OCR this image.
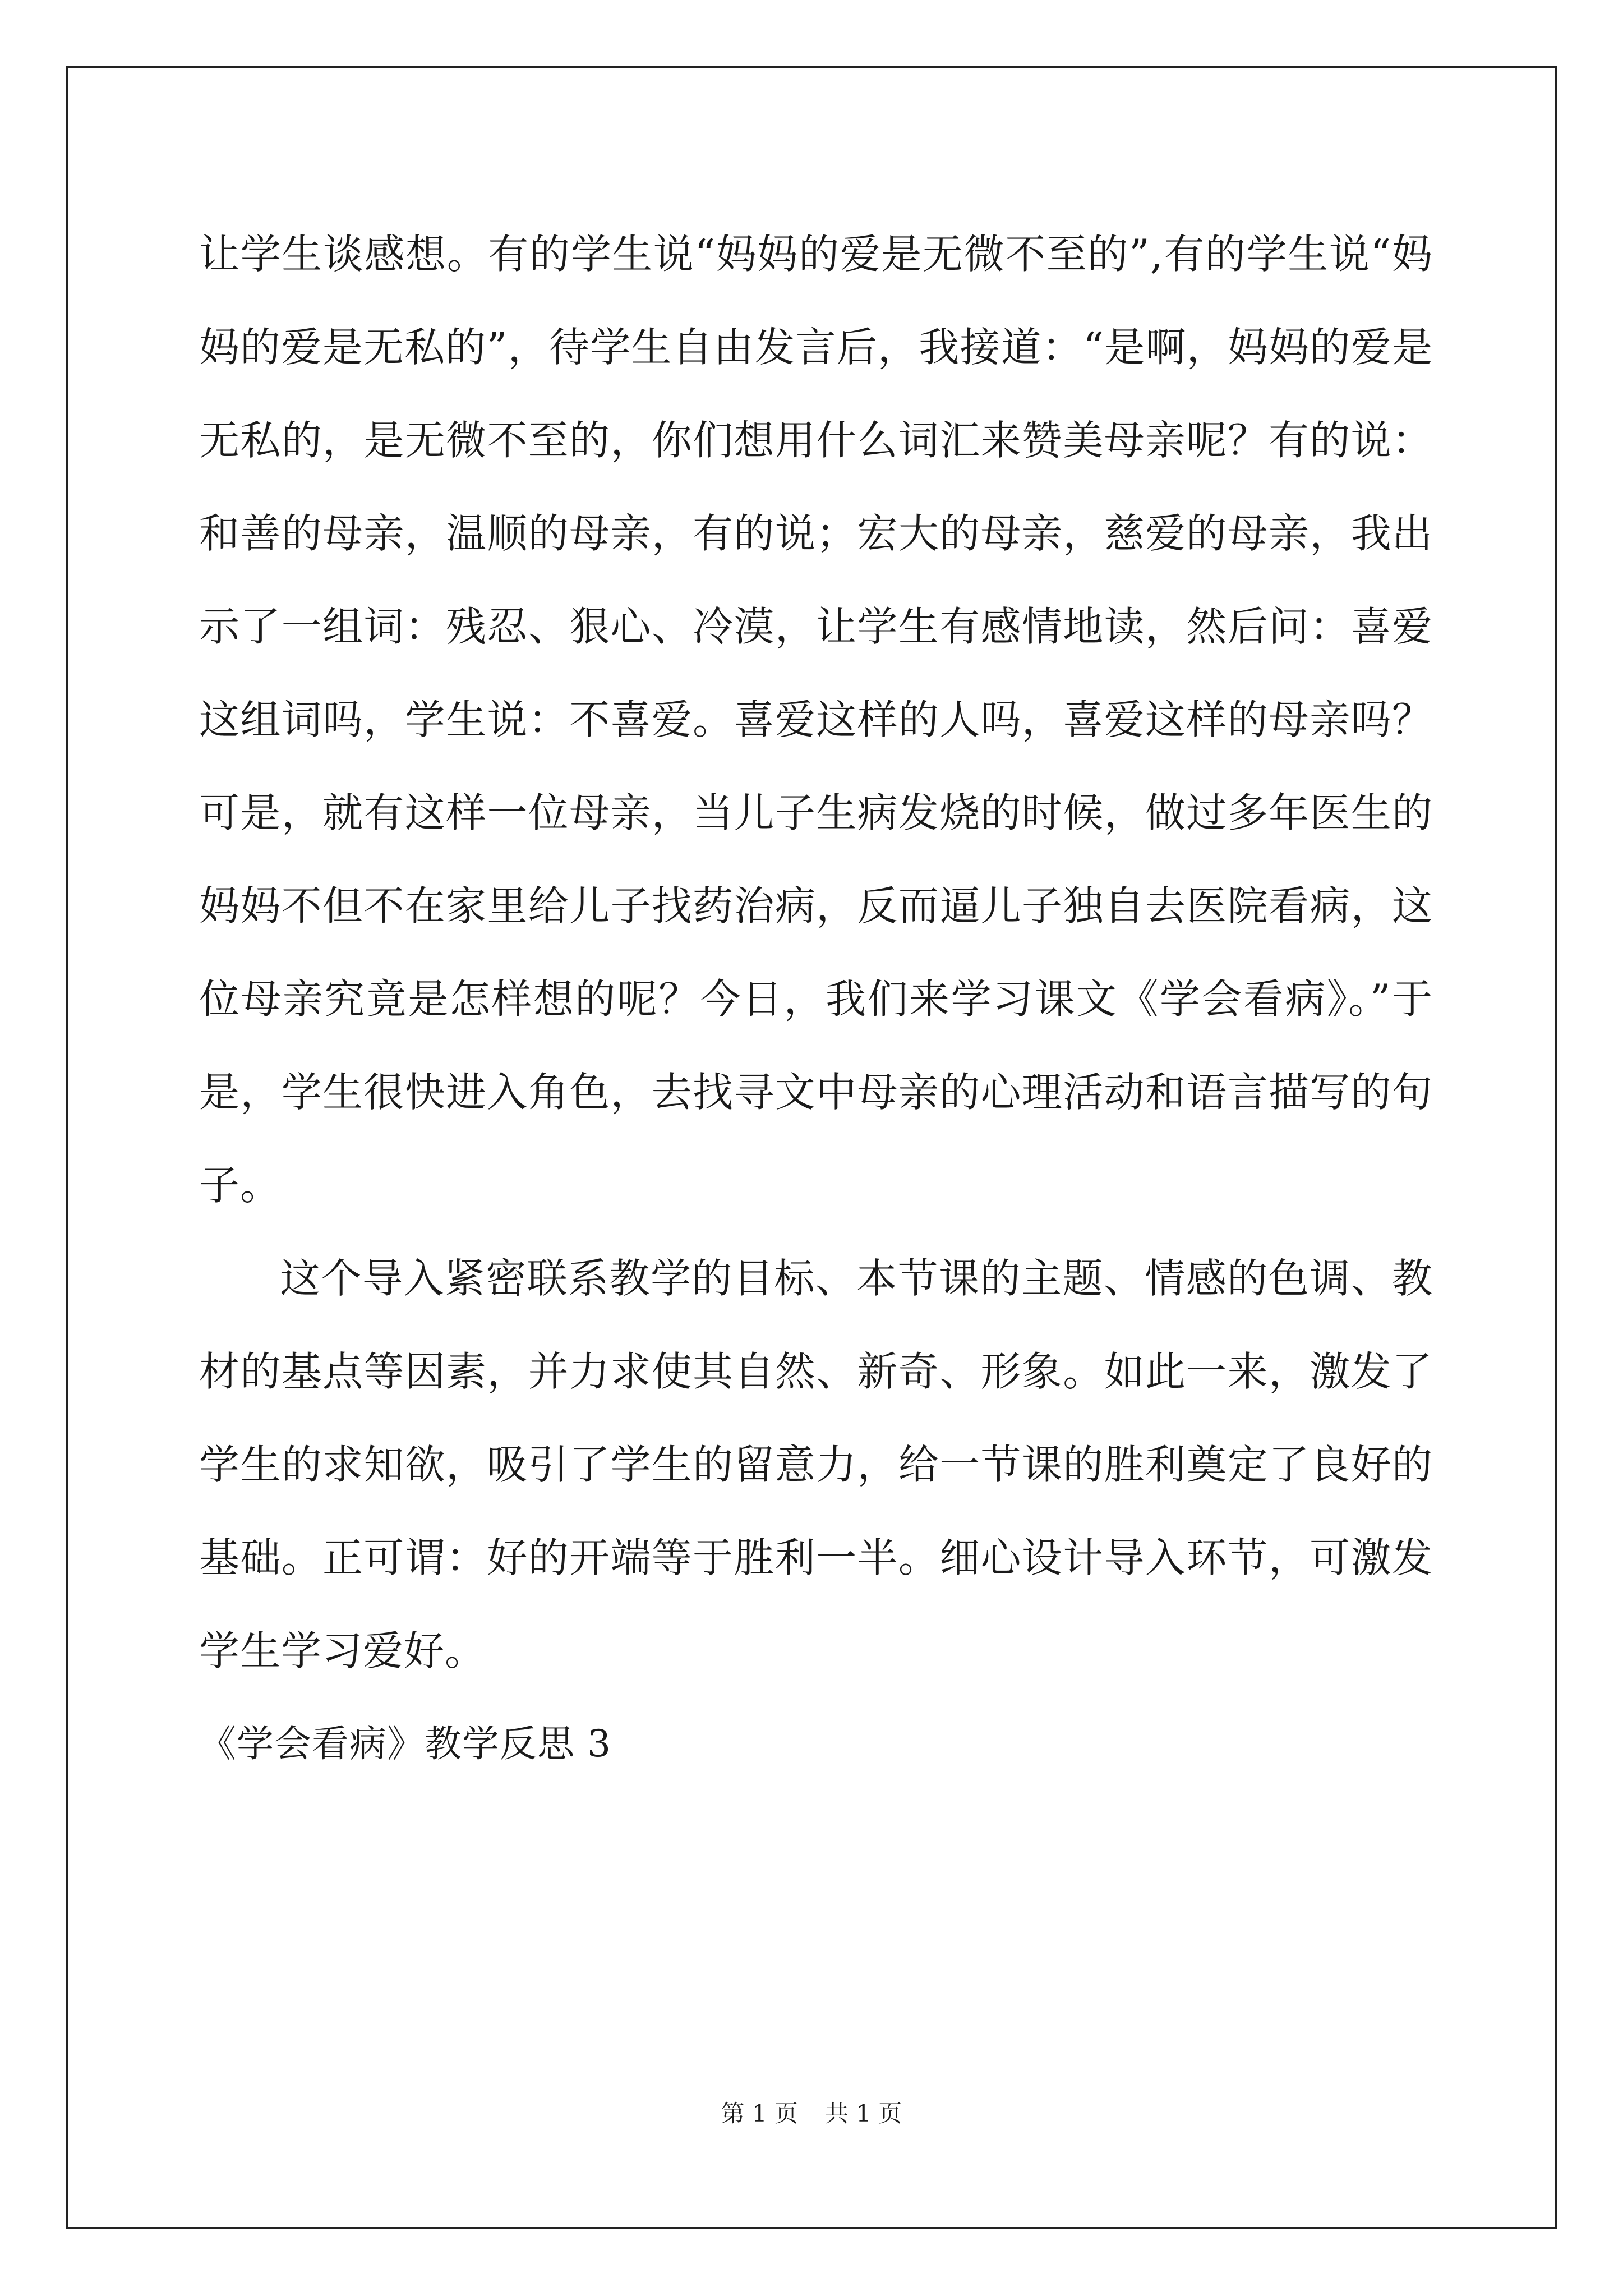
让学生谈感想。有的学生说“妈妈的爱是无微不至的”,有的学生说“妈妈的爱是无私的”，待学生自由发言后，我接道：“是啊，妈妈的爱是无私的，是无微不至的，你们想用什么词汇来赞美母亲呢？有的说：和善的母亲，温顺的母亲，有的说；宏大的母亲，慈爱的母亲，我出示了一组词：残忍、狠心、冷漠，让学生有感情地读，然后问：喜爱这组词吗，学生说：不喜爱。喜爱这样的人吗，喜爱这样的母亲吗？可是，就有这样一位母亲，当儿子生病发烧的时候，做过多年医生的妈妈不但不在家里给儿子找药治病，反而逼儿子独自去医院看病，这位母亲究竟是怎样想的呢？今日，我们来学习课文《学会看病》。”于是，学生很快进入角色，去找寻文中母亲的心理活动和语言描写的句子。

这个导入紧密联系教学的目标、本节课的主题、情感的色调、教材的基点等因素，并力求使其自然、新奇、形象。如此一来，激发了学生的求知欲，吸引了学生的留意力，给一节课的胜利奠定了良好的基础。正可谓：好的开端等于胜利一半。细心设计导入环节，可激发学生学习爱好。

《学会看病》教学反思 3

第 1 页 共 1 页
